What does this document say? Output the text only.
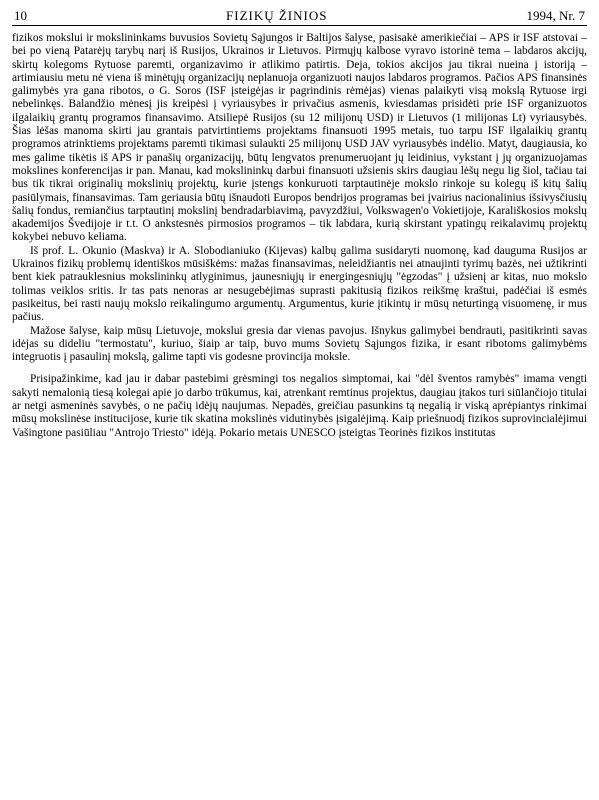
10	FIZIKŲ ŽINIOS	1994, Nr. 7

fizikos mokslui ir mokslininkams buvusios Sovietų Sąjungos ir Baltijos šalyse, pasisakė amerikiečiai – APS ir ISF atstovai – bei po vieną Patarėjų tarybų narį iš Rusijos, Ukrainos ir Lietuvos. Pirmųjų kalbose vyravo istorinė tema – labdaros akcijų, skirtų kolegoms Rytuose paremti, organizavimo ir atlikimo patirtis. Deja, tokios akcijos jau tikrai nueina į istoriją – artimiausiu metu nė viena iš minėtųjų organizacijų neplanuoja organizuoti naujos labdaros programos. Pačios APS finansinės galimybės yra gana ribotos, o G. Soros (ISF įsteigėjas ir pagrindinis rėmėjas) vienas palaikyti visą mokslą Rytuose irgi nebelinkęs. Balandžio mėnesį jis kreipėsi į vyriausybes ir privačius asmenis, kviesdamas prisidėti prie ISF organizuotos ilgalaikių grantų programos finansavimo. Atsiliepė Rusijos (su 12 milijonų USD) ir Lietuvos (1 milijonas Lt) vyriausybės. Šias lėšas manoma skirti jau grantais patvirtintiems projektams finansuoti 1995 metais, tuo tarpu ISF ilgalaikių grantų programos atrinktiems projektams paremti tikimasi sulaukti 25 milijonų USD JAV vyriausybės indėlio. Matyt, daugiausia, ko mes galime tikėtis iš APS ir panašių organizacijų, būtų lengvatos prenumeruojant jų leidinius, vykstant į jų organizuojamas mokslines konferencijas ir pan. Manau, kad mokslininkų darbui finansuoti užsienis skirs daugiau lėšų negu lig šiol, tačiau tai bus tik tikrai originalių mokslinių projektų, kurie įstengs konkuruoti tarptautinėje mokslo rinkoje su kolegų iš kitų šalių pasiūlymais, finansavimas. Tam geriausia būtų išnaudoti Europos bendrijos programas bei įvairius nacionalinius išsivysčiusių šalių fondus, remiančius tarptautinį mokslinį bendradarbiavimą, pavyzdžiui, Volkswagen'o Vokietijoje, Karališkosios mokslų akademijos Švedijoje ir t.t. O ankstesnės pirmosios programos – tik labdara, kurią skirstant ypatingų reikalavimų projektų kokybei nebuvo keliama.

Iš prof. L. Okunio (Maskva) ir A. Slobodianiuko (Kijevas) kalbų galima susidaryti nuomonę, kad dauguma Rusijos ar Ukrainos fizikų problemų identiškos mūsiškėms: mažas finansavimas, neleidžiantis nei atnaujinti tyrimų bazės, nei užtikrinti bent kiek patrauklesnius mokslininkų atlyginimus, jaunesniųjų ir energingesniųjų "ėgzodas" į užsienį ar kitas, nuo mokslo tolimas veiklos sritis. Ir tas pats nenoras ar nesugebėjimas suprasti pakitusią fizikos reikšmę kraštui, padėčiai iš esmės pasikeitus, bei rasti naujų mokslo reikalingumo argumentų. Argumentus, kurie įtikintų ir mūsų neturtingą visuomenę, ir mus pačius.

Mažose šalyse, kaip mūsų Lietuvoje, mokslui gresia dar vienas pavojus. Išnykus galimybei bendrauti, pasitikrinti savas idėjas su dideliu "termostatu", kuriuo, šiaip ar taip, buvo mums Sovietų Sąjungos fizika, ir esant ribotoms galimybėms integruotis į pasaulinį mokslą, galime tapti vis godesne provincija moksle.

Prisipažinkime, kad jau ir dabar pastebimi grėsmingi tos negalios simptomai, kai "dėl šventos ramybės" imama vengti sakyti nemalonią tiesą kolegai apie jo darbo trūkumus, kai, atrenkant remtinus projektus, daugiau įtakos turi siūlančiojo titulai ar netgi asmeninės savybės, o ne pačių idėjų naujumas. Nepadės, greičiau pasunkins tą negalią ir viską aprėpiantys rinkimai mūsų mokslinėse institucijose, kurie tik skatina mokslinės vidutinybės įsigalėjimą. Kaip priešnuodį fizikos suprovincialėjimui Vašingtone pasiūliau "Antrojo Triesto" idėją. Pokario metais UNESCO įsteigtas Teorinės fizikos institutas
